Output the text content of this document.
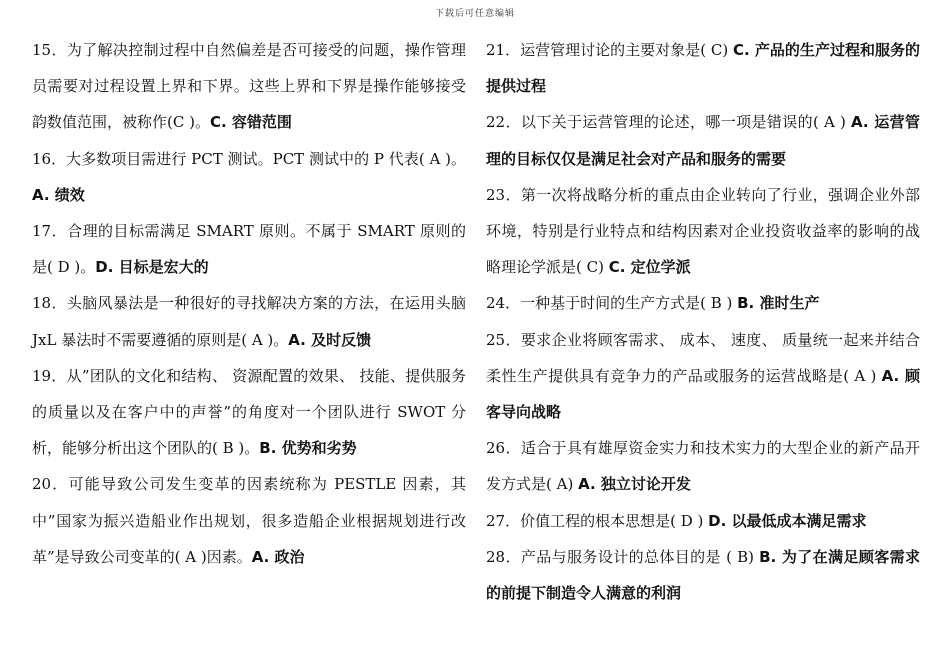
下载后可任意编辑

15．为了解决控制过程中自然偏差是否可接受的问题，操作管理员需要对过程设置上界和下界。这些上界和下界是操作能够接受韵数值范围，被称作(C )。C. 容错范围

16．大多数项目需进行 PCT 测试。PCT 测试中的 P 代表( A )。A. 绩效

17．合理的目标需满足 SMART 原则。不属于 SMART 原则的是( D )。D. 目标是宏大的

18．头脑风暴法是一种很好的寻找解决方案的方法，在运用头脑 JxL 暴法时不需要遵循的原则是( A )。A. 及时反馈

19．从”团队的文化和结构、 资源配置的效果、 技能、提供服务的质量以及在客户中的声誉”的角度对一个团队进行 SWOT 分析，能够分析出这个团队的( B )。B. 优势和劣势

20．可能导致公司发生变革的因素统称为 PESTLE 因素，其中”国家为振兴造船业作出规划，很多造船企业根据规划进行改革”是导致公司变革的( A )因素。A. 政治

21．运营管理讨论的主要对象是( C) C. 产品的生产过程和服务的提供过程

22．以下关于运营管理的论述，哪一项是错误的( A ) A. 运营管理的目标仅仅是满足社会对产品和服务的需要

23．第一次将战略分析的重点由企业转向了行业，强调企业外部环境，特别是行业特点和结构因素对企业投资收益率的影响的战略理论学派是( C) C. 定位学派

24．一种基于时间的生产方式是( B ) B. 准时生产

25．要求企业将顾客需求、 成本、 速度、 质量统一起来并结合柔性生产提供具有竞争力的产品或服务的运营战略是( A ) A. 顾客导向战略

26．适合于具有雄厚资金实力和技术实力的大型企业的新产品开发方式是( A) A. 独立讨论开发

27．价值工程的根本思想是( D ) D. 以最低成本满足需求

28．产品与服务设计的总体目的是 ( B) B. 为了在满足顾客需求的前提下制造令人满意的利润
